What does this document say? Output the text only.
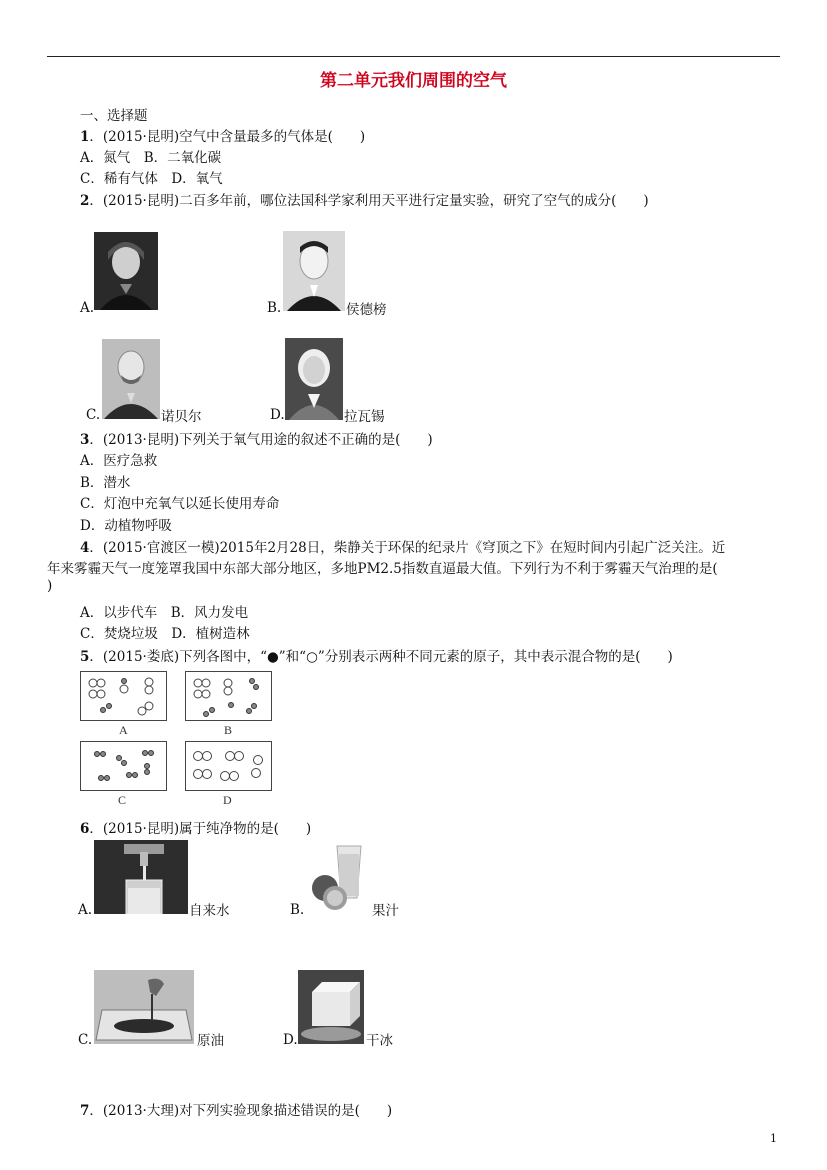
第二单元我们周围的空气
一、选择题
1．(2015·昆明)空气中含量最多的气体是(　　)
A．氮气　B．二氧化碳
C．稀有气体　D．氧气
2．(2015·昆明)二百多年前，哪位法国科学家利用天平进行定量实验，研究了空气的成分(　　)
A.	B.	侯德榜
C.	诺贝尔	D.	拉瓦锡
3．(2013·昆明)下列关于氧气用途的叙述不正确的是(　　)
A．医疗急救
B．潜水
C．灯泡中充氧气以延长使用寿命
D．动植物呼吸
4．(2015·官渡区一模)2015年2月28日，柴静关于环保的纪录片《穹顶之下》在短时间内引起广泛关注。近
年来雾霾天气一度笼罩我国中东部大部分地区，多地PM2.5指数直逼最大值。下列行为不利于雾霾天气治理的是(
)
A．以步代车　B．风力发电
C．焚烧垃圾　D．植树造林
5．(2015·娄底)下列各图中，“●”和“○”分别表示两种不同元素的原子，其中表示混合物的是(　　)
A	B
C	D
6．(2015·昆明)属于纯净物的是(　　)
A.	自来水	B.	果汁
C.	原油	D.	干冰
7．(2013·大理)对下列实验现象描述错误的是(　　)
1
